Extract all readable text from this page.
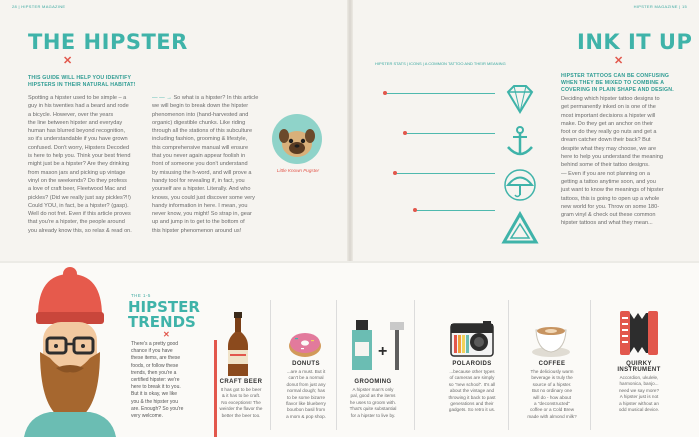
28 | HIPSTER MAGAZINE
THE HIPSTER
✕
THIS GUIDE WILL HELP YOU IDENTIFY
HIPSTERS IN THEIR NATURAL HABITAT!
Spotting a hipster used to be simple – a
guy in his twenties had a beard and rode
a bicycle. However, over the years
the line between hipster and everyday
human has blurred beyond recognition,
so it's understandable if you have grown
confused. Don't worry, Hipsters Decoded
is here to help you. Think your best friend
might just be a hipster? Are they drinking
from mason jars and picking up vintage
vinyl on the weekends? Do they profess
a love of craft beer, Fleetwood Mac and
pickles? (Did we really just say pickles?!!)
Could YOU, in fact, be a hipster? (gasp).
Well do not fret. Even if this article proves
that you're a hipster, the people around
you already know this, so relax & read on.
— — → So what is a hipster? In this article
we will begin to break down the hipster
phenomenon into (hand-harvested and
organic) digestible chunks. Like riding
through all the stations of this subculture
including fashion, grooming & lifestyle,
this comprehensive manual will ensure
that you never again appear foolish in
front of someone you don't understand
by misusing the h-word, and will prove a
handy tool for revealing if, in fact, you
yourself are a hipster. Literally. And who
knows, you could just discover some very
handy information in here. I mean, you
never know, you might! So strap in, gear
up and jump in to get to the bottom of
this hipster phenomenon around us!
Little Known Pugster
HIPSTER MAGAZINE | 15
INK IT UP
✕
HIPSTER STATS | ICONS | A COMMON TATTOO AND THEIR MEANING
HIPSTER TATTOOS CAN BE CONFUSING
WHEN THEY BE MIXED TO COMBINE A
COVERING IN PLAIN SHAPE AND DESIGN.
Deciding which hipster tattoo designs to
get permanently inked on is one of the
most important decisions a hipster will
make. Do they get an anchor on their
foot or do they really go nuts and get a
dream catcher down their back? But
despite what they may choose, we are
here to help you understand the meaning
behind some of their tattoo designs.
— Even if you are not planning on a
getting a tattoo anytime soon, and you
just want to know the meanings of hipster
tattoos, this is going to open up a whole
new world for you. Throw on some 180-
gram vinyl & check out these common
hipster tattoos and what they mean...
THE 1-5
HIPSTER
TRENDS
✕
There's a pretty good
chance if you have
these items, are these
foods, or follow these
trends, then you're a
certified hipster: we're
here to break it to you.
But it is okay, we like
you & the hipster you
are. Enough? So you're
very welcome.
CRAFT BEER
It has got to be beer
& it has to be craft.
No exceptions! The
weirder the flavor the
better the beer too.
DONUTS
...are a must. But it
can't be a normal
donut from just any
normal dough; has
to be some bizarre
flavor like blueberry
bourbon basil from
a mom & pop shop.
+
GROOMING
A hipster man's only
pal, good as the items
he uses to groom with.
That's quite substantial
for a hipster to live by.
POLAROIDS
...because other types
of cameras are simply
so "new school". It's all
about the vintage and
throwing it back to past
generations and their
gadgets. So retro it us.
COFFEE
The deliciously warm
beverage is truly the
source of a hipster.
But no ordinary one
will do - how about
a "deconstructed"
coffee or a Cold Brew
made with almond milk?
QUIRKY INSTRUMENT
Accordion, ukulele,
harmonica, banjo...
need we say more?
A hipster just is not
a hipster without an
odd musical device.
